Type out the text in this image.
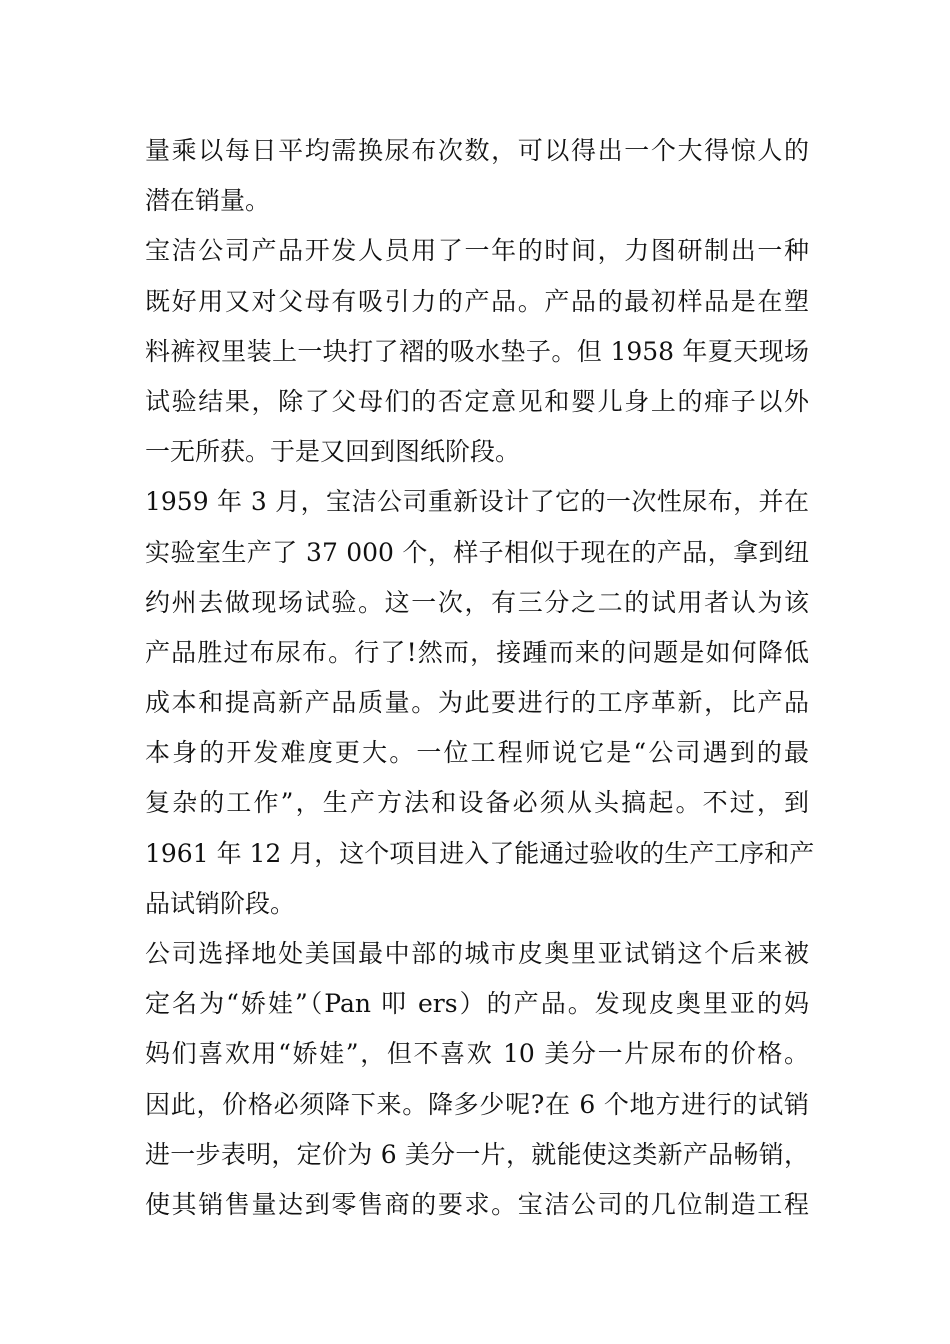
量乘以每日平均需换尿布次数，可以得出一个大得惊人的
潜在销量。
宝洁公司产品开发人员用了一年的时间，力图研制出一种
既好用又对父母有吸引力的产品。产品的最初样品是在塑
料裤衩里装上一块打了褶的吸水垫子。但 1958 年夏天现场
试验结果，除了父母们的否定意见和婴儿身上的痱子以外
一无所获。于是又回到图纸阶段。
1959 年 3 月，宝洁公司重新设计了它的一次性尿布，并在
实验室生产了 37 000 个，样子相似于现在的产品，拿到纽
约州去做现场试验。这一次，有三分之二的试用者认为该
产品胜过布尿布。行了!然而，接踵而来的问题是如何降低
成本和提高新产品质量。为此要进行的工序革新，比产品
本身的开发难度更大。一位工程师说它是“公司遇到的最
复杂的工作”，生产方法和设备必须从头搞起。不过，到
1961 年 12 月，这个项目进入了能通过验收的生产工序和产
品试销阶段。
公司选择地处美国最中部的城市皮奥里亚试销这个后来被
定名为“娇娃”（Pan 叩 ers）的产品。发现皮奥里亚的妈
妈们喜欢用“娇娃”，但不喜欢 10 美分一片尿布的价格。
因此，价格必须降下来。降多少呢?在 6 个地方进行的试销
进一步表明，定价为 6 美分一片，就能使这类新产品畅销，
使其销售量达到零售商的要求。宝洁公司的几位制造工程
